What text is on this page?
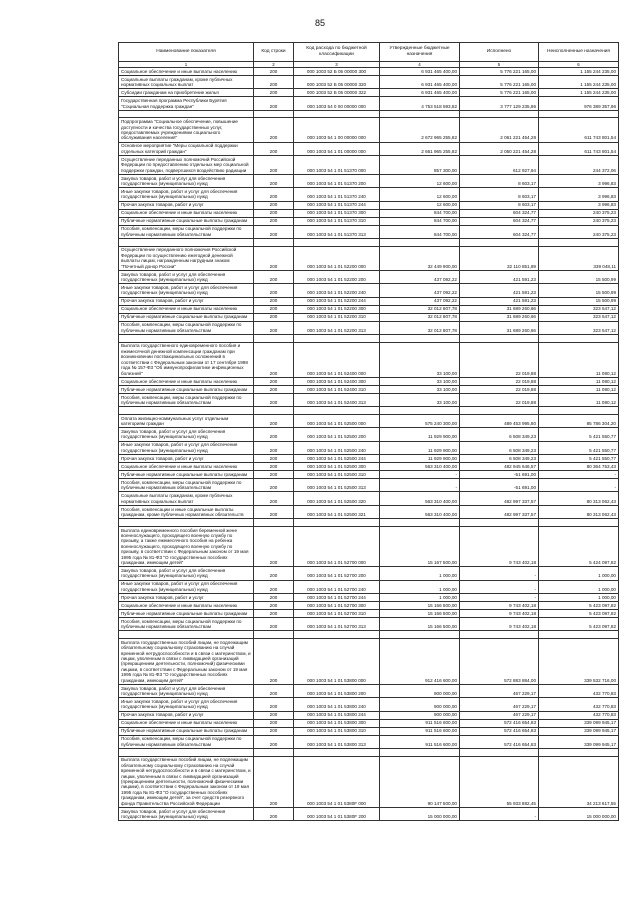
85
Наименование показателя	Код строки	Код расхода по бюджетной классификации	Утвержденные бюджетные назначения	Исполнено	Неисполненные назначения
1	2	3	4	5	6
Социальное обеспечение и иные выплаты населению	200	000 1003 52 Б 05 00000 300	6 931 465 400,00	5 776 221 165,00	1 155 244 235,00
Социальные выплаты гражданам, кроме публичных нормативных социальных выплат	200	000 1003 52 Б 05 00000 320	6 931 465 400,00	5 776 221 165,00	1 155 244 235,00
Субсидии гражданам на приобретение жилья	200	000 1003 52 Б 05 00000 322	6 931 465 400,00	5 776 221 165,00	1 155 244 235,00
Государственная программа Республики Бурятия "Социальная поддержка граждан"	200	000 1003 54 0 00 00000 000	4 753 518 593,82	3 777 129 235,86	976 389 357,96

Подпрограмма "Социальное обеспечение, повышение доступности и качества государственных услуг, предоставляемых учреждениями социального обслуживания населения"	200	000 1003 54 1 00 00000 000	2 672 965 255,82	2 061 221 454,28	611 743 801,54
Основное мероприятие "Меры социальной поддержки отдельных категорий граждан"	200	000 1003 54 1 01 00000 000	2 661 965 255,82	2 050 221 454,28	611 743 801,54
Осуществление переданных полномочий Российской Федерации по предоставлению отдельных мер социальной поддержки граждан, подвергшихся воздействию радиации	200	000 1003 54 1 01 51370 000	857 300,00	612 927,94	244 372,06
Закупка товаров, работ и услуг для обеспечения государственных (муниципальных) нужд	200	000 1003 54 1 01 51370 200	12 600,00	8 603,17	3 996,83
Иные закупки товаров, работ и услуг для обеспечения государственных (муниципальных) нужд	200	000 1003 54 1 01 51370 240	12 600,00	8 603,17	3 996,83
Прочая закупка товаров, работ и услуг	200	000 1003 54 1 01 51370 244	12 600,00	8 603,17	3 996,83
Социальное обеспечение и иные выплаты населению	200	000 1003 54 1 01 51370 300	844 700,00	604 324,77	240 375,23
Публичные нормативные социальные выплаты гражданам	200	000 1003 54 1 01 51370 310	844 700,00	604 324,77	240 375,23
Пособия, компенсации, меры социальной поддержки по публичным нормативным обязательствам	200	000 1003 54 1 01 51370 313	844 700,00	604 324,77	240 375,23

Осуществление переданного полномочия Российской Федерации по осуществлению ежегодной денежной выплаты лицам, награжденным нагрудным знаком "Почетный донор России"	200	000 1003 54 1 01 52200 000	32 449 900,00	32 110 851,89	339 048,11
Закупка товаров, работ и услуг для обеспечения государственных (муниципальных) нужд	200	000 1003 54 1 01 52200 200	437 092,22	421 591,23	15 500,99
Иные закупки товаров, работ и услуг для обеспечения государственных (муниципальных) нужд	200	000 1003 54 1 01 52200 240	437 092,22	421 591,23	15 500,99
Прочая закупка товаров, работ и услуг	200	000 1003 54 1 01 52200 244	437 092,22	421 591,23	15 500,99
Социальное обеспечение и иные выплаты населению	200	000 1003 54 1 01 52200 300	32 012 807,78	31 689 260,66	323 547,12
Публичные нормативные социальные выплаты гражданам	200	000 1003 54 1 01 52200 310	32 012 807,78	31 689 260,66	323 547,12
Пособия, компенсации, меры социальной поддержки по публичным нормативным обязательствам	200	000 1003 54 1 01 52200 313	32 012 807,78	31 689 260,66	323 547,12

Выплата государственного единовременного пособия и ежемесячной денежной компенсации гражданам при возникновении поствакцинальных осложнений в соответствии с Федеральным законом от 17 сентября 1998 года № 157-ФЗ "Об иммунопрофилактике инфекционных болезней"	200	000 1003 54 1 01 52400 000	33 100,00	22 019,88	11 080,12
Социальное обеспечение и иные выплаты населению	200	000 1003 54 1 01 52400 300	33 100,00	22 019,88	11 080,12
Публичные нормативные социальные выплаты гражданам	200	000 1003 54 1 01 52400 310	33 100,00	22 019,88	11 080,12
Пособия, компенсации, меры социальной поддержки по публичным нормативным обязательствам	200	000 1003 54 1 01 52400 313	33 100,00	22 019,88	11 080,12

Оплата жилищно-коммунальных услуг отдельным категориям граждан	200	000 1003 54 1 01 52500 000	575 240 300,00	489 453 995,80	85 786 304,20
Закупка товаров, работ и услуг для обеспечения государственных (муниципальных) нужд	200	000 1003 54 1 01 52500 200	11 929 900,00	6 508 349,23	5 421 550,77
Иные закупки товаров, работ и услуг для обеспечения государственных (муниципальных) нужд	200	000 1003 54 1 01 52500 240	11 929 900,00	6 508 349,23	5 421 550,77
Прочая закупка товаров, работ и услуг	200	000 1003 54 1 01 52500 244	11 929 900,00	6 508 349,23	5 421 550,77
Социальное обеспечение и иные выплаты населению	200	000 1003 54 1 01 52500 300	563 310 400,00	482 945 646,57	80 364 753,43
Публичные нормативные социальные выплаты гражданам	200	000 1003 54 1 01 52500 310	-	-51 691,00	-
Пособия, компенсации, меры социальной поддержки по публичным нормативным обязательствам	200	000 1003 54 1 01 52500 313	-	-51 691,00	-
Социальные выплаты гражданам, кроме публичных нормативных социальных выплат	200	000 1003 54 1 01 52500 320	563 310 400,00	482 997 337,57	80 313 062,43
Пособия, компенсации и иные социальные выплаты гражданам, кроме публичных нормативных обязательств	200	000 1003 54 1 01 52500 321	563 310 400,00	482 997 337,57	80 313 062,43

Выплата единовременного пособия беременной жене военнослужащего, проходящего военную службу по призыву, а также ежемесячного пособия на ребенка военнослужащего, проходящего военную службу по призыву, в соответствии с Федеральным законом от 19 мая 1995 года № 81-ФЗ "О государственных пособиях гражданам, имеющим детей"	200	000 1003 54 1 01 52700 000	15 167 500,00	9 743 402,18	5 424 097,82
Закупка товаров, работ и услуг для обеспечения государственных (муниципальных) нужд	200	000 1003 54 1 01 52700 200	1 000,00	-	1 000,00
Иные закупки товаров, работ и услуг для обеспечения государственных (муниципальных) нужд	200	000 1003 54 1 01 52700 240	1 000,00	-	1 000,00
Прочая закупка товаров, работ и услуг	200	000 1003 54 1 01 52700 244	1 000,00	-	1 000,00
Социальное обеспечение и иные выплаты населению	200	000 1003 54 1 01 52700 300	15 166 500,00	9 743 402,18	5 423 097,82
Публичные нормативные социальные выплаты гражданам	200	000 1003 54 1 01 52700 310	15 166 500,00	9 743 402,18	5 423 097,82
Пособия, компенсации, меры социальной поддержки по публичным нормативным обязательствам	200	000 1003 54 1 01 52700 313	15 166 500,00	9 743 402,18	5 423 097,82

Выплата государственных пособий лицам, не подлежащим обязательному социальному страхованию на случай временной нетрудоспособности и в связи с материнством, и лицам, уволенным в связи с ликвидацией организаций (прекращением деятельности, полномочий) физическими лицами, в соответствии с Федеральным законом от 19 мая 1995 года № 81-ФЗ "О государственных пособиях гражданам, имеющим детей"	200	000 1003 54 1 01 53800 000	912 416 600,00	572 883 884,00	339 532 716,00
Закупка товаров, работ и услуг для обеспечения государственных (муниципальных) нужд	200	000 1003 54 1 01 53800 200	900 000,00	467 229,17	432 770,83
Иные закупки товаров, работ и услуг для обеспечения государственных (муниципальных) нужд	200	000 1003 54 1 01 53800 240	900 000,00	467 229,17	432 770,83
Прочая закупка товаров, работ и услуг	200	000 1003 54 1 01 53800 244	900 000,00	467 229,17	432 770,83
Социальное обеспечение и иные выплаты населению	200	000 1003 54 1 01 53800 300	911 516 600,00	572 416 654,83	339 099 945,17
Публичные нормативные социальные выплаты гражданам	200	000 1003 54 1 01 53800 310	911 516 600,00	572 416 654,83	339 099 945,17
Пособия, компенсации, меры социальной поддержки по публичным нормативным обязательствам	200	000 1003 54 1 01 53800 313	911 516 600,00	572 416 654,83	339 099 945,17

Выплата государственных пособий лицам, не подлежащим обязательному социальному страхованию на случай временной нетрудоспособности и в связи с материнством, и лицам, уволенным в связи с ликвидацией организаций (прекращением деятельности, полномочий физическими лицами), в соответствии с Федеральным законом от 19 мая 1995 года № 81-ФЗ "О государственных пособиях гражданам, имеющим детей", за счет средств резервного фонда Правительства Российской Федерации	200	000 1003 54 1 01 5380F 000	90 147 500,00	55 933 882,45	34 213 617,55
Закупка товаров, работ и услуг для обеспечения государственных (муниципальных) нужд	200	000 1003 54 1 01 5380F 200	15 000 000,00	-	15 000 000,00
